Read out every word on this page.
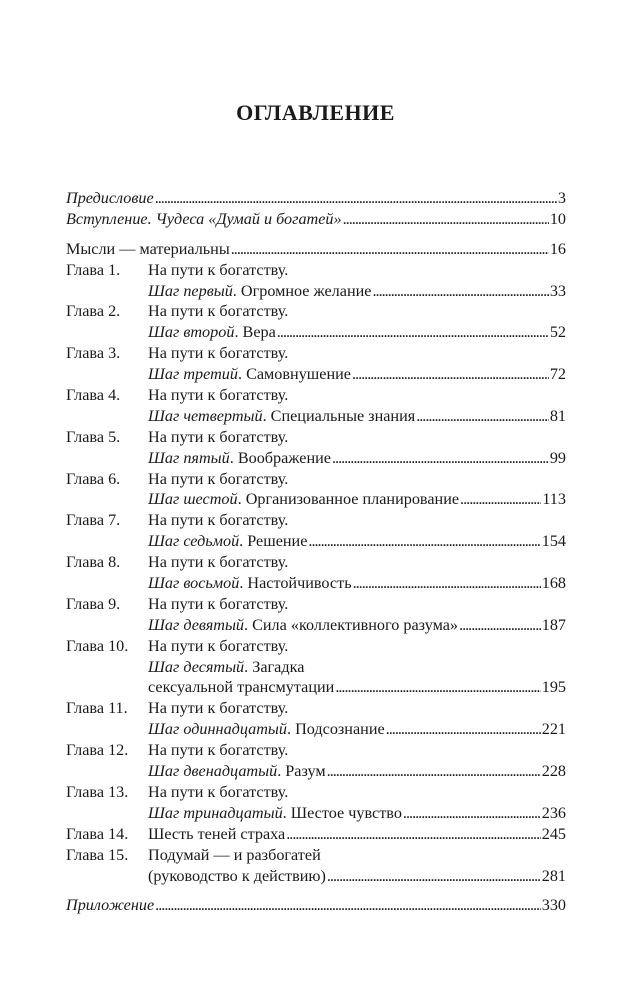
ОГЛАВЛЕНИЕ
Предисловие .....	3
Вступление. Чудеса «Думай и богатей» .....	10
Мысли — материальны .....	16
Глава 1. На пути к богатству.
Шаг первый. Огромное желание .....	33
Глава 2. На пути к богатству.
Шаг второй. Вера .....	52
Глава 3. На пути к богатству.
Шаг третий. Самовнушение .....	72
Глава 4. На пути к богатству.
Шаг четвертый. Специальные знания .....	81
Глава 5. На пути к богатству.
Шаг пятый. Воображение .....	99
Глава 6. На пути к богатству.
Шаг шестой. Организованное планирование .....	113
Глава 7. На пути к богатству.
Шаг седьмой. Решение .....	154
Глава 8. На пути к богатству.
Шаг восьмой. Настойчивость .....	168
Глава 9. На пути к богатству.
Шаг девятый. Сила «коллективного разума» .....	187
Глава 10. На пути к богатству.
Шаг десятый. Загадка
сексуальной трансмутации .....	195
Глава 11. На пути к богатству.
Шаг одиннадцатый. Подсознание .....	221
Глава 12. На пути к богатству.
Шаг двенадцатый. Разум .....	228
Глава 13. На пути к богатству.
Шаг тринадцатый. Шестое чувство .....	236
Глава 14. Шесть теней страха .....	245
Глава 15. Подумай — и разбогатей
(руководство к действию) .....	281
Приложение .....	330
